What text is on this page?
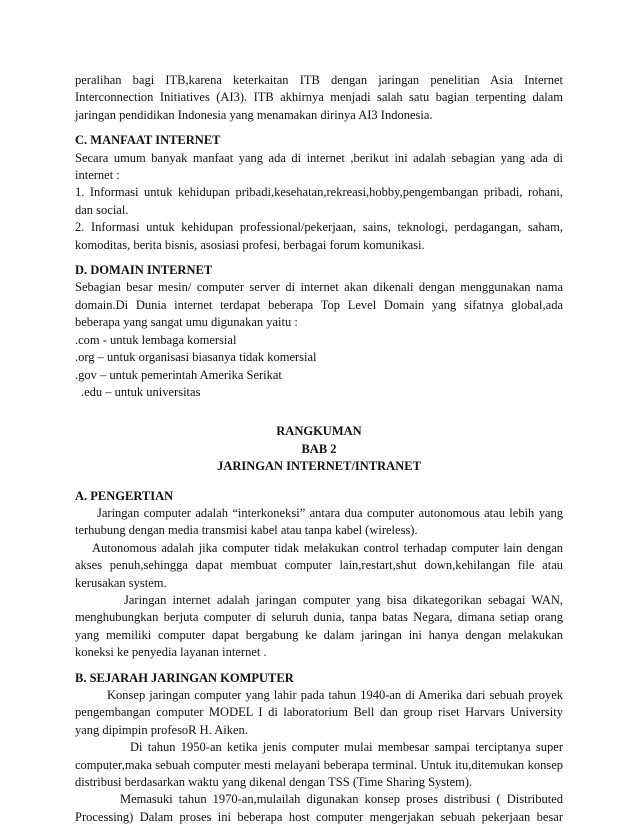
peralihan bagi ITB,karena keterkaitan ITB dengan jaringan penelitian Asia Internet
Interconnection Initiatives (AI3). ITB akhirnya menjadi salah satu bagian terpenting dalam
jaringan pendidikan Indonesia yang menamakan dirinya AI3 Indonesia.

C. MANFAAT INTERNET

Secara umum banyak manfaat yang ada di internet ,berikut ini adalah sebagian yang ada di
internet :
1. Informasi untuk kehidupan pribadi,kesehatan,rekreasi,hobby,pengembangan pribadi, rohani,
dan social.
2. Informasi untuk kehidupan professional/pekerjaan, sains, teknologi, perdagangan, saham,
komoditas, berita bisnis, asosiasi profesi, berbagai forum komunikasi.

D. DOMAIN INTERNET

Sebagian besar mesin/ computer server di internet akan dikenali dengan menggunakan nama
domain.Di Dunia internet terdapat beberapa Top Level Domain yang sifatnya global,ada
beberapa yang sangat umu digunakan yaitu :
.com - untuk lembaga komersial
.org – untuk organisasi biasanya tidak komersial
.gov – untuk pemerintah Amerika Serikat
.edu – untuk universitas

RANGKUMAN

BAB 2

JARINGAN INTERNET/INTRANET

A. PENGERTIAN

Jaringan computer adalah “interkoneksi” antara dua computer autonomous atau lebih yang
terhubung dengan media transmisi kabel atau tanpa kabel (wireless).
Autonomous adalah jika computer tidak melakukan control terhadap computer lain dengan
akses penuh,sehingga dapat membuat computer lain,restart,shut down,kehilangan file atau
kerusakan system.
Jaringan internet adalah jaringan computer yang bisa dikategorikan sebagai WAN,
menghubungkan berjuta computer di seluruh dunia, tanpa batas Negara, dimana setiap orang
yang memiliki computer dapat bergabung ke dalam jaringan ini hanya dengan melakukan
koneksi ke penyedia layanan internet .

B. SEJARAH JARINGAN KOMPUTER

Konsep jaringan computer yang lahir pada tahun 1940-an di Amerika dari sebuah proyek
pengembangan computer MODEL I di laboratorium Bell dan group riset Harvars University
yang dipimpin profesoR H. Aiken.
Di tahun 1950-an ketika jenis computer mulai membesar sampai terciptanya super
computer,maka sebuah computer mesti melayani beberapa terminal. Untuk itu,ditemukan konsep
distribusi berdasarkan waktu yang dikenal dengan TSS (Time Sharing System).
Memasuki tahun 1970-an,mulailah digunakan konsep proses distribusi ( Distributed
Processing) Dalam proses ini beberapa host computer mengerjakan sebuah pekerjaan besar
